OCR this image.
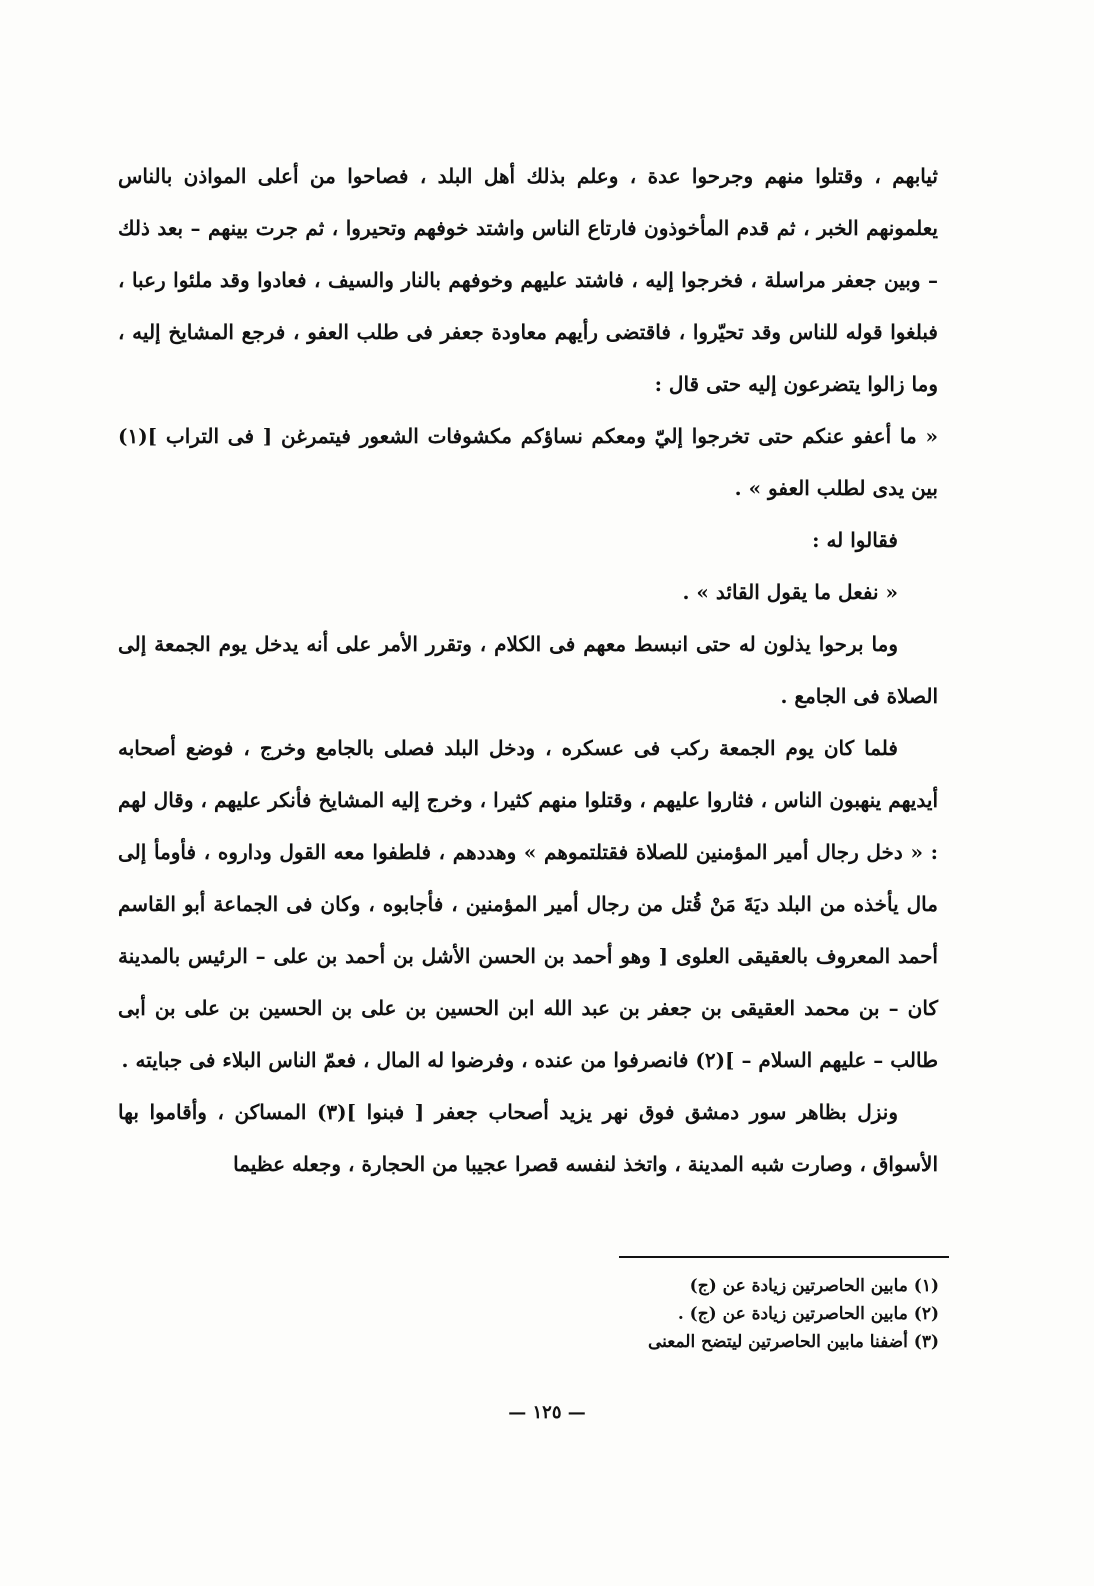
ثيابهم ، وقتلوا منهم وجرحوا عدة ، وعلم بذلك أهل البلد ، فصاحوا من أعلى المواذن بالناس يعلمونهم الخبر ، ثم قدم المأخوذون فارتاع الناس واشتد خوفهم وتحيروا ، ثم جرت بينهم – بعد ذلك – وبين جعفر مراسلة ، فخرجوا إليه ، فاشتد عليهم وخوفهم بالنار والسيف ، فعادوا وقد ملئوا رعبا ، فبلغوا قوله للناس وقد تحيّروا ، فاقتضى رأيهم معاودة جعفر فى طلب العفو ، فرجع المشايخ إليه ، وما زالوا يتضرعون إليه حتى قال :

« ما أعفو عنكم حتى تخرجوا إليّ ومعكم نساؤكم مكشوفات الشعور فيتمرغن [ فى التراب ](١) بين يدى لطلب العفو » .

فقالوا له :

« نفعل ما يقول القائد » .

وما برحوا يذلون له حتى انبسط معهم فى الكلام ، وتقرر الأمر على أنه يدخل يوم الجمعة إلى الصلاة فى الجامع .

فلما كان يوم الجمعة ركب فى عسكره ، ودخل البلد فصلى بالجامع وخرج ، فوضع أصحابه أيديهم ينهبون الناس ، فثاروا عليهم ، وقتلوا منهم كثيرا ، وخرج إليه المشايخ فأنكر عليهم ، وقال لهم : « دخل رجال أمير المؤمنين للصلاة فقتلتموهم » وهددهم ، فلطفوا معه القول وداروه ، فأومأ إلى مال يأخذه من البلد ديَةَ مَنْ قُتل من رجال أمير المؤمنين ، فأجابوه ، وكان فى الجماعة أبو القاسم أحمد المعروف بالعقيقى العلوى [ وهو أحمد بن الحسن الأشل بن أحمد بن على – الرئيس بالمدينة كان – بن محمد العقيقى بن جعفر بن عبد الله ابن الحسين بن على بن الحسين بن على بن أبى طالب – عليهم السلام – ](٢) فانصرفوا من عنده ، وفرضوا له المال ، فعمّ الناس البلاء فى جبايته .

ونزل بظاهر سور دمشق فوق نهر يزيد أصحاب جعفر [ فبنوا ](٣) المساكن ، وأقاموا بها الأسواق ، وصارت شبه المدينة ، واتخذ لنفسه قصرا عجيبا من الحجارة ، وجعله عظيما

(١) مابين الحاصرتين زيادة عن (ج)
(٢) مابين الحاصرتين زيادة عن (ج) .
(٣) أضفنا مابين الحاصرتين ليتضح المعنى
— ١٢٥ —
